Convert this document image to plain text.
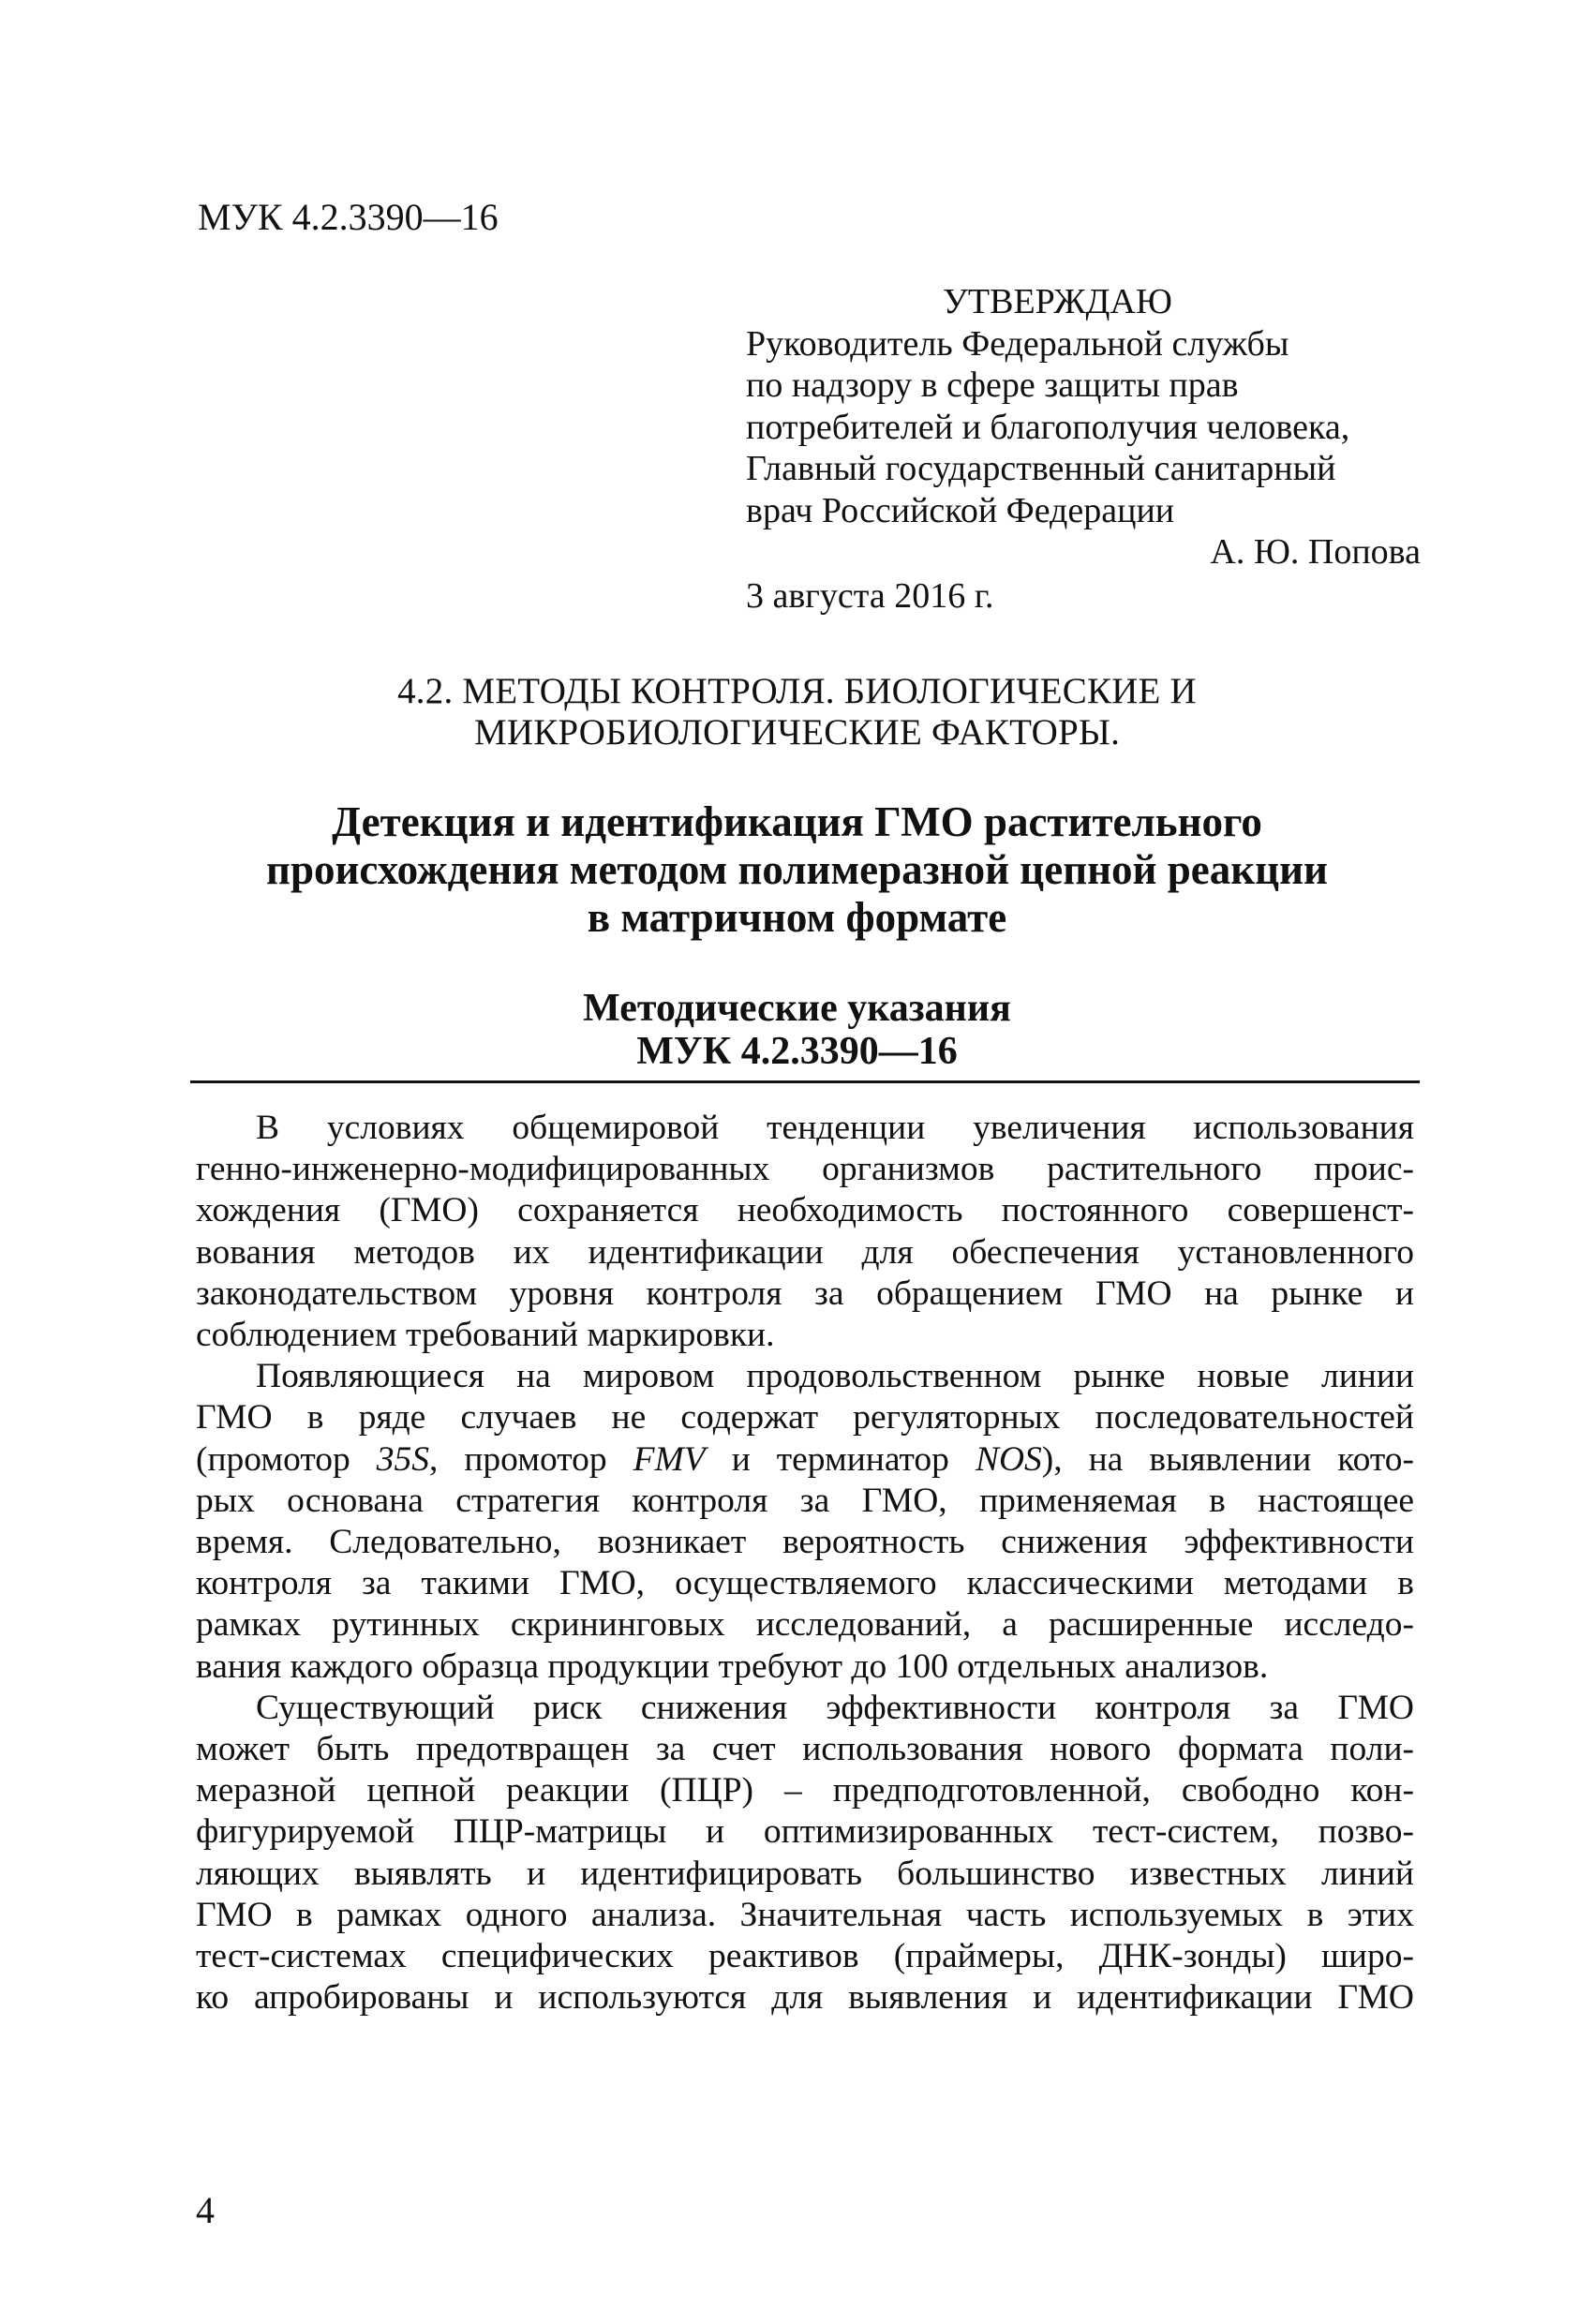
МУК 4.2.3390—16
УТВЕРЖДАЮ
Руководитель Федеральной службы
по надзору в сфере защиты прав
потребителей и благополучия человека,
Главный государственный санитарный
врач Российской Федерации
А. Ю. Попова
3 августа 2016 г.
4.2. МЕТОДЫ КОНТРОЛЯ. БИОЛОГИЧЕСКИЕ И
МИКРОБИОЛОГИЧЕСКИЕ ФАКТОРЫ.
Детекция и идентификация ГМО растительного
происхождения методом полимеразной цепной реакции
в матричном формате
Методические указания
МУК 4.2.3390—16

В условиях общемировой тенденции увеличения использования
генно-инженерно-модифицированных организмов растительного проис-
хождения (ГМО) сохраняется необходимость постоянного совершенст-
вования методов их идентификации для обеспечения установленного
законодательством уровня контроля за обращением ГМО на рынке и
соблюдением требований маркировки.

Появляющиеся на мировом продовольственном рынке новые линии
ГМО в ряде случаев не содержат регуляторных последовательностей
(промотор 35S, промотор FMV и терминатор NOS), на выявлении кото-
рых основана стратегия контроля за ГМО, применяемая в настоящее
время. Следовательно, возникает вероятность снижения эффективности
контроля за такими ГМО, осуществляемого классическими методами в
рамках рутинных скрининговых исследований, а расширенные исследо-
вания каждого образца продукции требуют до 100 отдельных анализов.

Существующий риск снижения эффективности контроля за ГМО
может быть предотвращен за счет использования нового формата поли-
меразной цепной реакции (ПЦР) – предподготовленной, свободно кон-
фигурируемой ПЦР-матрицы и оптимизированных тест-систем, позво-
ляющих выявлять и идентифицировать большинство известных линий
ГМО в рамках одного анализа. Значительная часть используемых в этих
тест-системах специфических реактивов (праймеры, ДНК-зонды) широ-
ко апробированы и используются для выявления и идентификации ГМО

4
